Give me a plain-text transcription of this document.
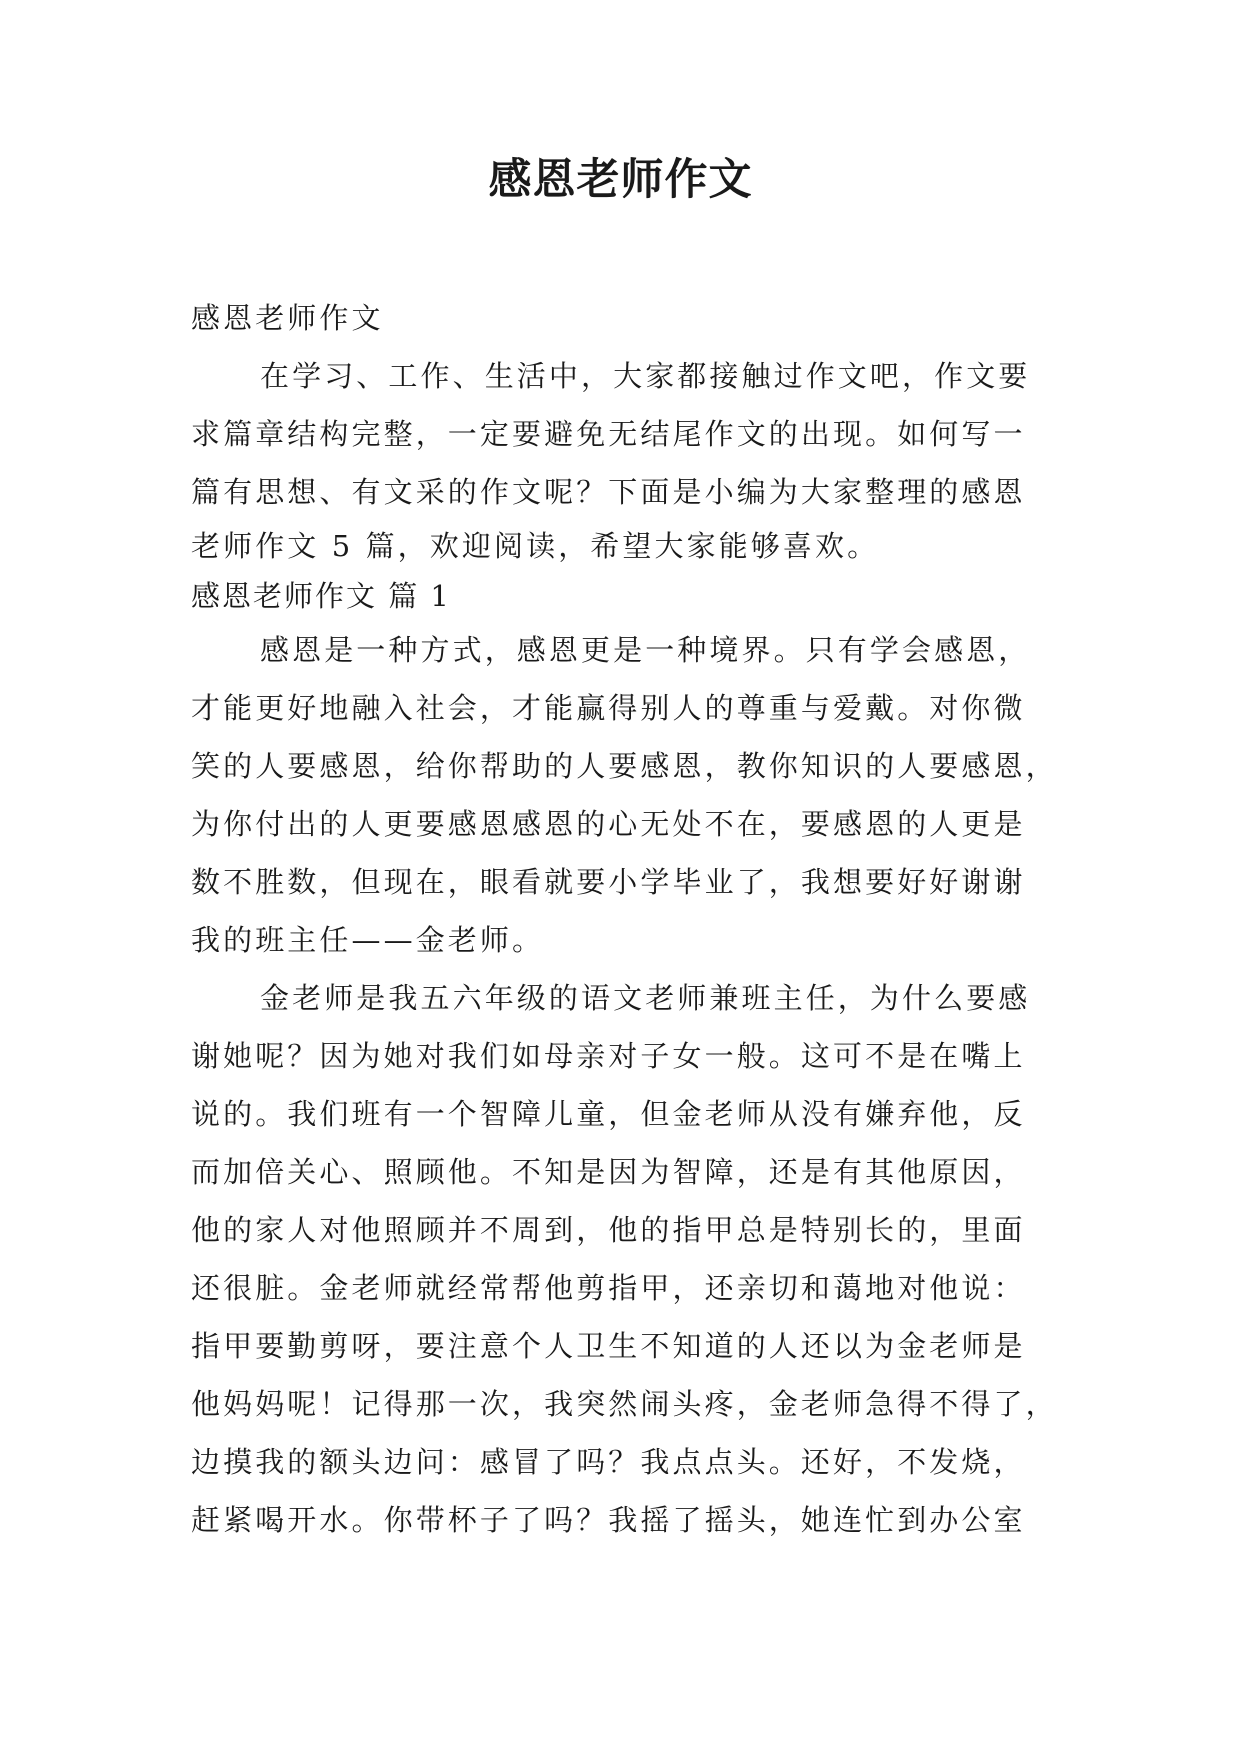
感恩老师作文
感恩老师作文
在学习、工作、生活中，大家都接触过作文吧，作文要
求篇章结构完整，一定要避免无结尾作文的出现。如何写一
篇有思想、有文采的作文呢？下面是小编为大家整理的感恩
老师作文 5 篇，欢迎阅读，希望大家能够喜欢。
感恩老师作文 篇 1
感恩是一种方式，感恩更是一种境界。只有学会感恩，
才能更好地融入社会，才能赢得别人的尊重与爱戴。对你微
笑的人要感恩，给你帮助的人要感恩，教你知识的人要感恩，
为你付出的人更要感恩感恩的心无处不在，要感恩的人更是
数不胜数，但现在，眼看就要小学毕业了，我想要好好谢谢
我的班主任——金老师。
金老师是我五六年级的语文老师兼班主任，为什么要感
谢她呢？因为她对我们如母亲对子女一般。这可不是在嘴上
说的。我们班有一个智障儿童，但金老师从没有嫌弃他，反
而加倍关心、照顾他。不知是因为智障，还是有其他原因，
他的家人对他照顾并不周到，他的指甲总是特别长的，里面
还很脏。金老师就经常帮他剪指甲，还亲切和蔼地对他说：
指甲要勤剪呀，要注意个人卫生不知道的人还以为金老师是
他妈妈呢！记得那一次，我突然闹头疼，金老师急得不得了，
边摸我的额头边问：感冒了吗？我点点头。还好，不发烧，
赶紧喝开水。你带杯子了吗？我摇了摇头，她连忙到办公室
